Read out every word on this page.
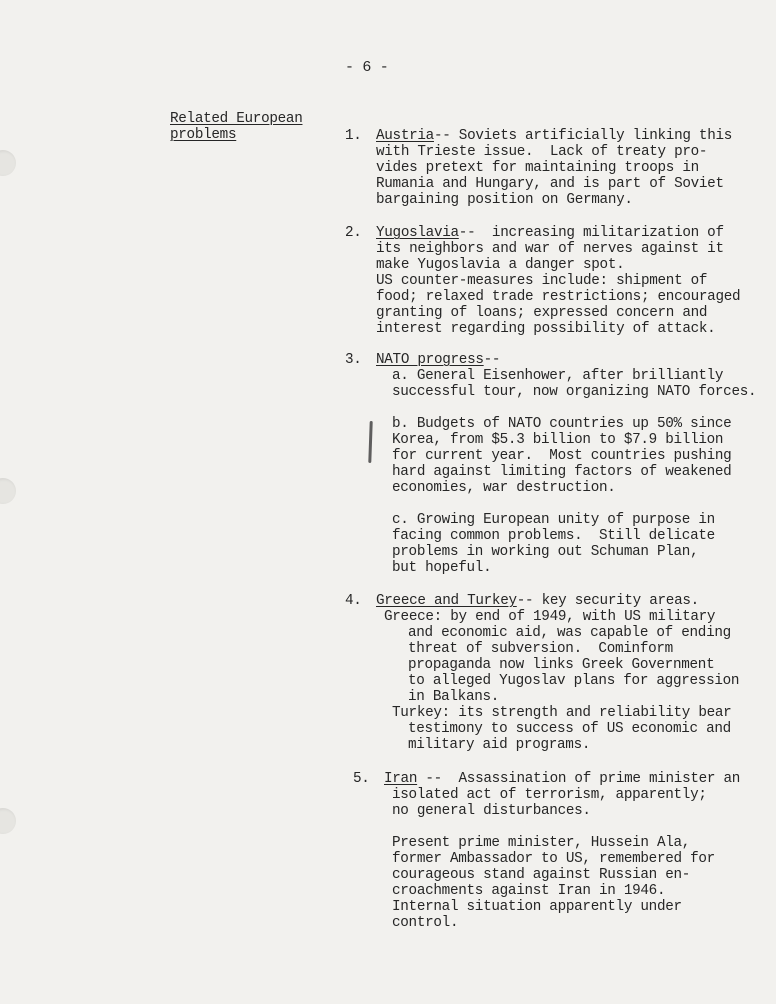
- 6 -
Related European
problems	1. Austria-- Soviets artificially linking this
with Trieste issue.  Lack of treaty pro-
vides pretext for maintaining troops in
Rumania and Hungary, and is part of Soviet
bargaining position on Germany.
2. Yugoslavia--  increasing militarization of
its neighbors and war of nerves against it
make Yugoslavia a danger spot.
US counter-measures include: shipment of
food; relaxed trade restrictions; encouraged
granting of loans; expressed concern and
interest regarding possibility of attack.
3. NATO progress--
a. General Eisenhower, after brilliantly
successful tour, now organizing NATO forces.
b. Budgets of NATO countries up 50% since
Korea, from $5.3 billion to $7.9 billion
for current year.  Most countries pushing
hard against limiting factors of weakened
economies, war destruction.
c. Growing European unity of purpose in
facing common problems.  Still delicate
problems in working out Schuman Plan,
but hopeful.
4. Greece and Turkey-- key security areas.
Greece: by end of 1949, with US military
and economic aid, was capable of ending
threat of subversion.  Cominform
propaganda now links Greek Government
to alleged Yugoslav plans for aggression
in Balkans.
Turkey: its strength and reliability bear
testimony to success of US economic and
military aid programs.
5. Iran --  Assassination of prime minister an
isolated act of terrorism, apparently;
no general disturbances.
Present prime minister, Hussein Ala,
former Ambassador to US, remembered for
courageous stand against Russian en-
croachments against Iran in 1946.
Internal situation apparently under
control.
